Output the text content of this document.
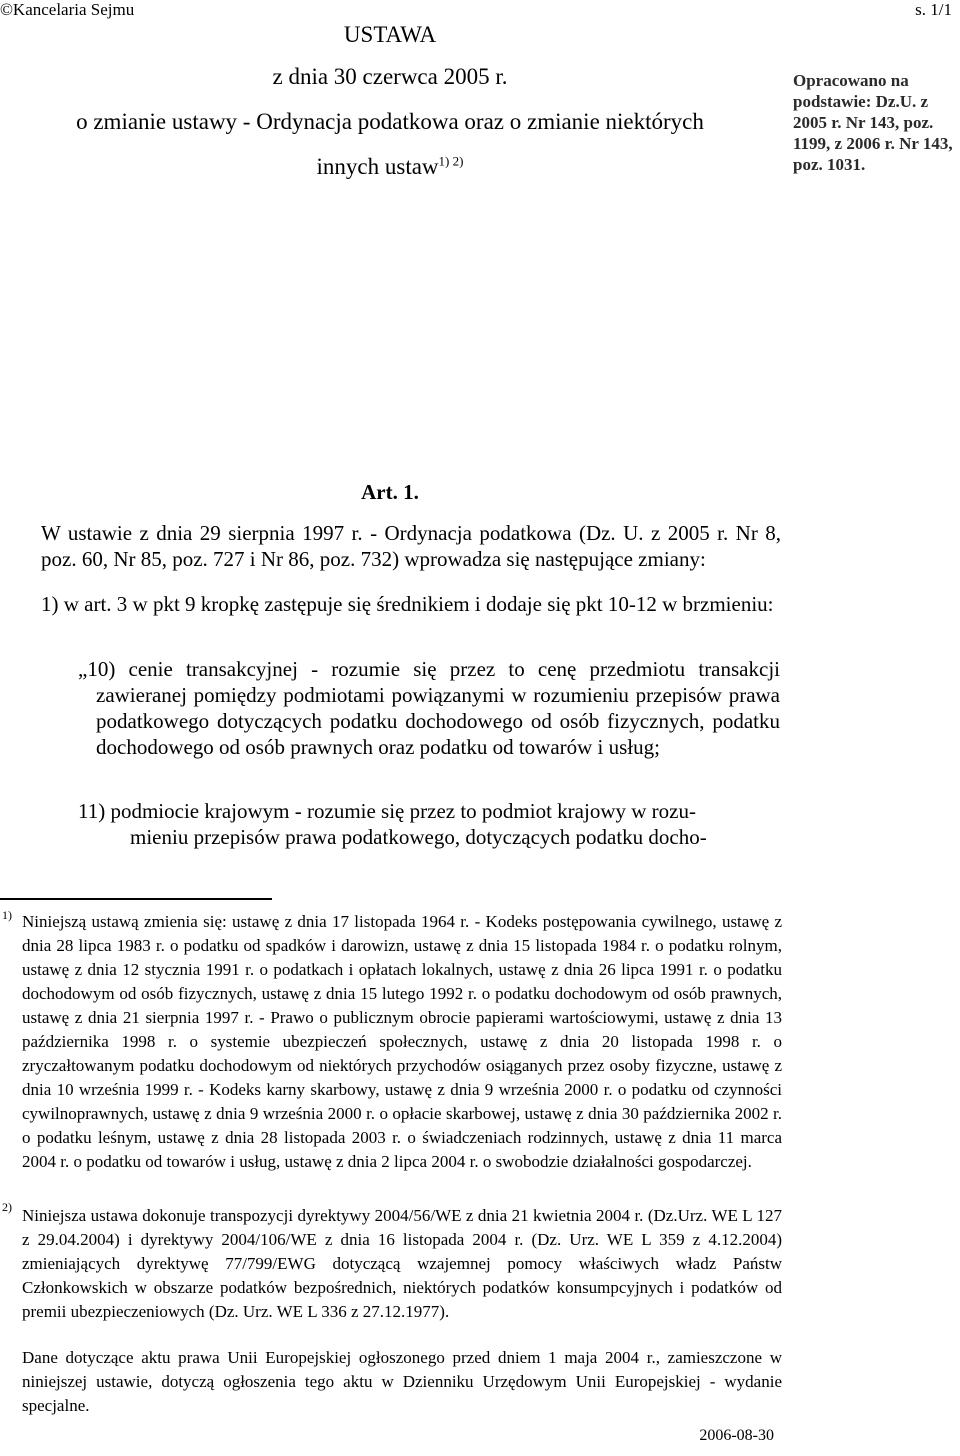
©Kancelaria Sejmu	s. 1/1
USTAWA
z dnia 30 czerwca 2005 r.
o zmianie ustawy - Ordynacja podatkowa oraz o zmianie niektórych
innych ustaw$^{1) 2)}$
Opracowano na podstawie: Dz.U. z 2005 r. Nr 143, poz. 1199, z 2006 r. Nr 143, poz. 1031.
Art. 1.
W ustawie z dnia 29 sierpnia 1997 r. - Ordynacja podatkowa (Dz. U. z 2005 r. Nr 8, poz. 60, Nr 85, poz. 727 i Nr 86, poz. 732) wprowadza się następujące zmiany:
1) w art. 3 w pkt 9 kropkę zastępuje się średnikiem i dodaje się pkt 10-12 w brzmieniu:
„10) cenie transakcyjnej - rozumie się przez to cenę przedmiotu transakcji zawieranej pomiędzy podmiotami powiązanymi w rozumieniu przepisów prawa podatkowego dotyczących podatku dochodowego od osób fizycznych, podatku dochodowego od osób prawnych oraz podatku od towarów i usług;
11) podmiocie krajowym - rozumie się przez to podmiot krajowy w rozu-
mieniu przepisów prawa podatkowego, dotyczących podatku docho-
1) Niniejszą ustawą zmienia się: ustawę z dnia 17 listopada 1964 r. - Kodeks postępowania cywilnego, ustawę z dnia 28 lipca 1983 r. o podatku od spadków i darowizn, ustawę z dnia 15 listopada 1984 r. o podatku rolnym, ustawę z dnia 12 stycznia 1991 r. o podatkach i opłatach lokalnych, ustawę z dnia 26 lipca 1991 r. o podatku dochodowym od osób fizycznych, ustawę z dnia 15 lutego 1992 r. o podatku dochodowym od osób prawnych, ustawę z dnia 21 sierpnia 1997 r. - Prawo o publicznym obrocie papierami wartościowymi, ustawę z dnia 13 października 1998 r. o systemie ubezpieczeń społecznych, ustawę z dnia 20 listopada 1998 r. o zryczałtowanym podatku dochodowym od niektórych przychodów osiąganych przez osoby fizyczne, ustawę z dnia 10 września 1999 r. - Kodeks karny skarbowy, ustawę z dnia 9 września 2000 r. o podatku od czynności cywilnoprawnych, ustawę z dnia 9 września 2000 r. o opłacie skarbowej, ustawę z dnia 30 października 2002 r. o podatku leśnym, ustawę z dnia 28 listopada 2003 r. o świadczeniach rodzinnych, ustawę z dnia 11 marca 2004 r. o podatku od towarów i usług, ustawę z dnia 2 lipca 2004 r. o swobodzie działalności gospodarczej.
2) Niniejsza ustawa dokonuje transpozycji dyrektywy 2004/56/WE z dnia 21 kwietnia 2004 r. (Dz.Urz. WE L 127 z 29.04.2004) i dyrektywy 2004/106/WE z dnia 16 listopada 2004 r. (Dz. Urz. WE L 359 z 4.12.2004) zmieniających dyrektywę 77/799/EWG dotyczącą wzajemnej pomocy właściwych władz Państw Członkowskich w obszarze podatków bezpośrednich, niektórych podatków konsumpcyjnych i podatków od premii ubezpieczeniowych (Dz. Urz. WE L 336 z 27.12.1977).
Dane dotyczące aktu prawa Unii Europejskiej ogłoszonego przed dniem 1 maja 2004 r., zamieszczone w niniejszej ustawie, dotyczą ogłoszenia tego aktu w Dzienniku Urzędowym Unii Europejskiej - wydanie specjalne.
2006-08-30
